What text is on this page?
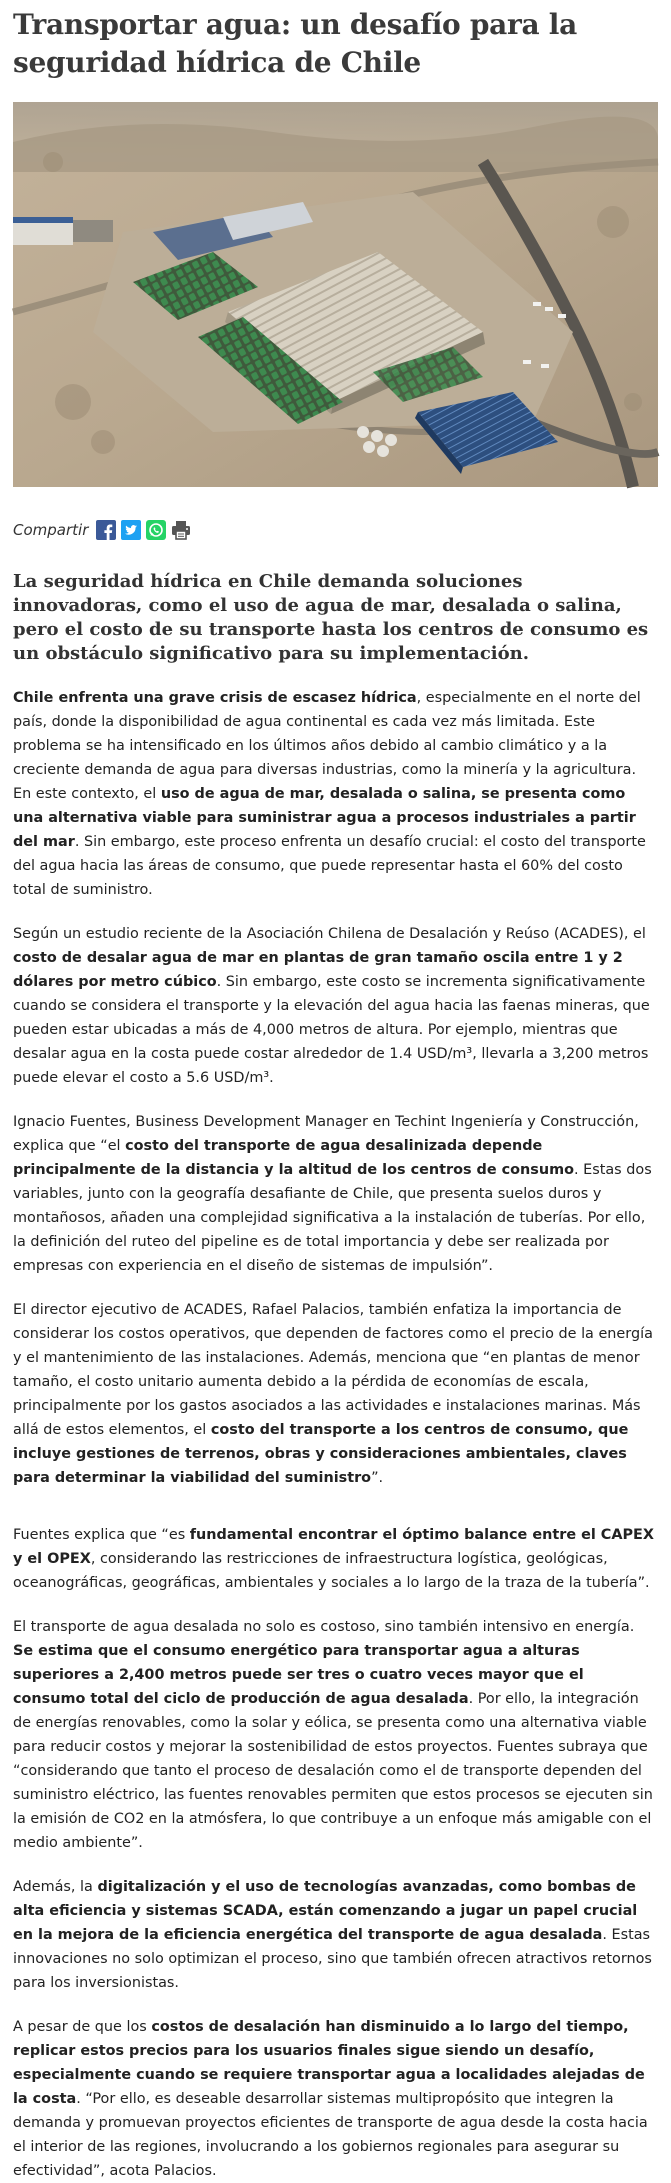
Transportar agua: un desafío para la seguridad hídrica de Chile
Compartir

La seguridad hídrica en Chile demanda soluciones innovadoras, como el uso de agua de mar, desalada o salina, pero el costo de su transporte hasta los centros de consumo es un obstáculo significativo para su implementación.

Chile enfrenta una grave crisis de escasez hídrica, especialmente en el norte del país, donde la disponibilidad de agua continental es cada vez más limitada. Este problema se ha intensificado en los últimos años debido al cambio climático y a la creciente demanda de agua para diversas industrias, como la minería y la agricultura. En este contexto, el uso de agua de mar, desalada o salina, se presenta como una alternativa viable para suministrar agua a procesos industriales a partir del mar. Sin embargo, este proceso enfrenta un desafío crucial: el costo del transporte del agua hacia las áreas de consumo, que puede representar hasta el 60% del costo total de suministro.

Según un estudio reciente de la Asociación Chilena de Desalación y Reúso (ACADES), el costo de desalar agua de mar en plantas de gran tamaño oscila entre 1 y 2 dólares por metro cúbico. Sin embargo, este costo se incrementa significativamente cuando se considera el transporte y la elevación del agua hacia las faenas mineras, que pueden estar ubicadas a más de 4,000 metros de altura. Por ejemplo, mientras que desalar agua en la costa puede costar alrededor de 1.4 USD/m³, llevarla a 3,200 metros puede elevar el costo a 5.6 USD/m³.

Ignacio Fuentes, Business Development Manager en Techint Ingeniería y Construcción, explica que “el costo del transporte de agua desalinizada depende principalmente de la distancia y la altitud de los centros de consumo. Estas dos variables, junto con la geografía desafiante de Chile, que presenta suelos duros y montañosos, añaden una complejidad significativa a la instalación de tuberías. Por ello, la definición del ruteo del pipeline es de total importancia y debe ser realizada por empresas con experiencia en el diseño de sistemas de impulsión”.

El director ejecutivo de ACADES, Rafael Palacios, también enfatiza la importancia de considerar los costos operativos, que dependen de factores como el precio de la energía y el mantenimiento de las instalaciones. Además, menciona que “en plantas de menor tamaño, el costo unitario aumenta debido a la pérdida de economías de escala, principalmente por los gastos asociados a las actividades e instalaciones marinas. Más allá de estos elementos, el costo del transporte a los centros de consumo, que incluye gestiones de terrenos, obras y consideraciones ambientales, claves para determinar la viabilidad del suministro”.

Fuentes explica que “es fundamental encontrar el óptimo balance entre el CAPEX y el OPEX, considerando las restricciones de infraestructura logística, geológicas, oceanográficas, geográficas, ambientales y sociales a lo largo de la traza de la tubería”.

El transporte de agua desalada no solo es costoso, sino también intensivo en energía. Se estima que el consumo energético para transportar agua a alturas superiores a 2,400 metros puede ser tres o cuatro veces mayor que el consumo total del ciclo de producción de agua desalada. Por ello, la integración de energías renovables, como la solar y eólica, se presenta como una alternativa viable para reducir costos y mejorar la sostenibilidad de estos proyectos. Fuentes subraya que “considerando que tanto el proceso de desalación como el de transporte dependen del suministro eléctrico, las fuentes renovables permiten que estos procesos se ejecuten sin la emisión de CO2 en la atmósfera, lo que contribuye a un enfoque más amigable con el medio ambiente”.

Además, la digitalización y el uso de tecnologías avanzadas, como bombas de alta eficiencia y sistemas SCADA, están comenzando a jugar un papel crucial en la mejora de la eficiencia energética del transporte de agua desalada. Estas innovaciones no solo optimizan el proceso, sino que también ofrecen atractivos retornos para los inversionistas.

A pesar de que los costos de desalación han disminuido a lo largo del tiempo, replicar estos precios para los usuarios finales sigue siendo un desafío, especialmente cuando se requiere transportar agua a localidades alejadas de la costa. “Por ello, es deseable desarrollar sistemas multipropósito que integren la demanda y promuevan proyectos eficientes de transporte de agua desde la costa hacia el interior de las regiones, involucrando a los gobiernos regionales para asegurar su efectividad”, acota Palacios.
